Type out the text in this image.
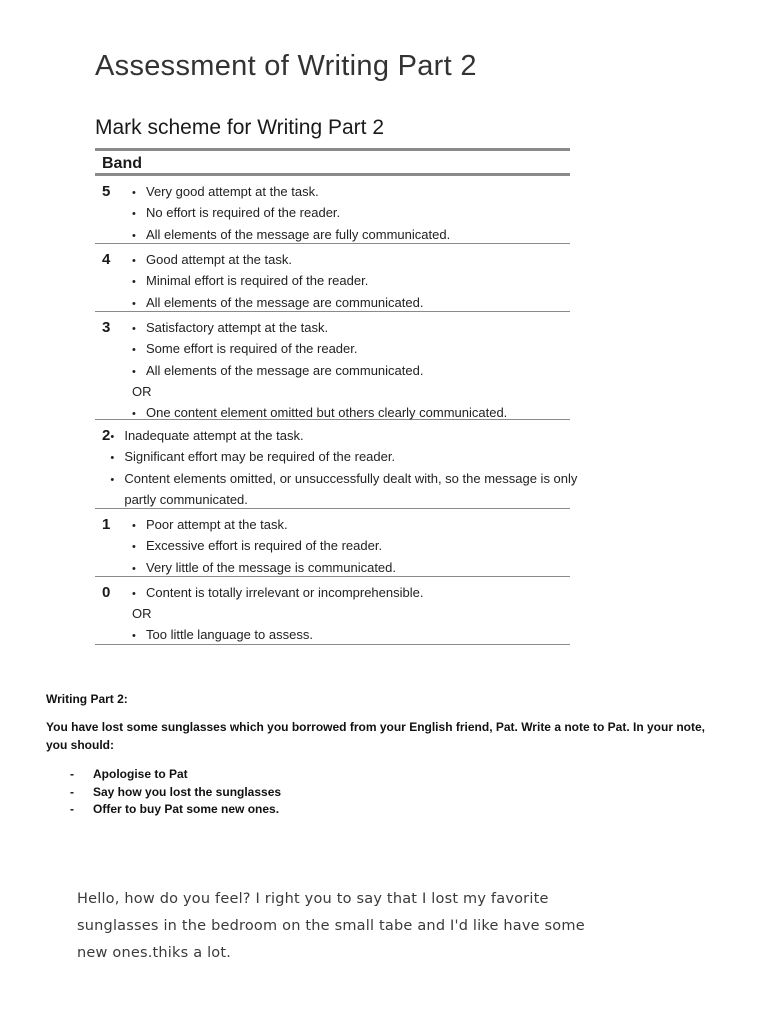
Assessment of Writing Part 2
Mark scheme for Writing Part 2
Band
5	• Very good attempt at the task.
• No effort is required of the reader.
• All elements of the message are fully communicated.
4	• Good attempt at the task.
• Minimal effort is required of the reader.
• All elements of the message are communicated.
3	• Satisfactory attempt at the task.
• Some effort is required of the reader.
• All elements of the message are communicated.
OR
• One content element omitted but others clearly communicated.
2	• Inadequate attempt at the task.
• Significant effort may be required of the reader.
• Content elements omitted, or unsuccessfully dealt with, so the message is only
partly communicated.
1	• Poor attempt at the task.
• Excessive effort is required of the reader.
• Very little of the message is communicated.
0	• Content is totally irrelevant or incomprehensible.
OR
• Too little language to assess.

Writing Part 2:

You have lost some sunglasses which you borrowed from your English friend, Pat. Write a note to Pat. In your note, you should:

- Apologise to Pat
- Say how you lost the sunglasses
- Offer to buy Pat some new ones.
Hello, how do you feel? I right you to say that I lost my favorite
sunglasses in the bedroom on the small tabe and I'd like have some
new ones.thiks a lot.
